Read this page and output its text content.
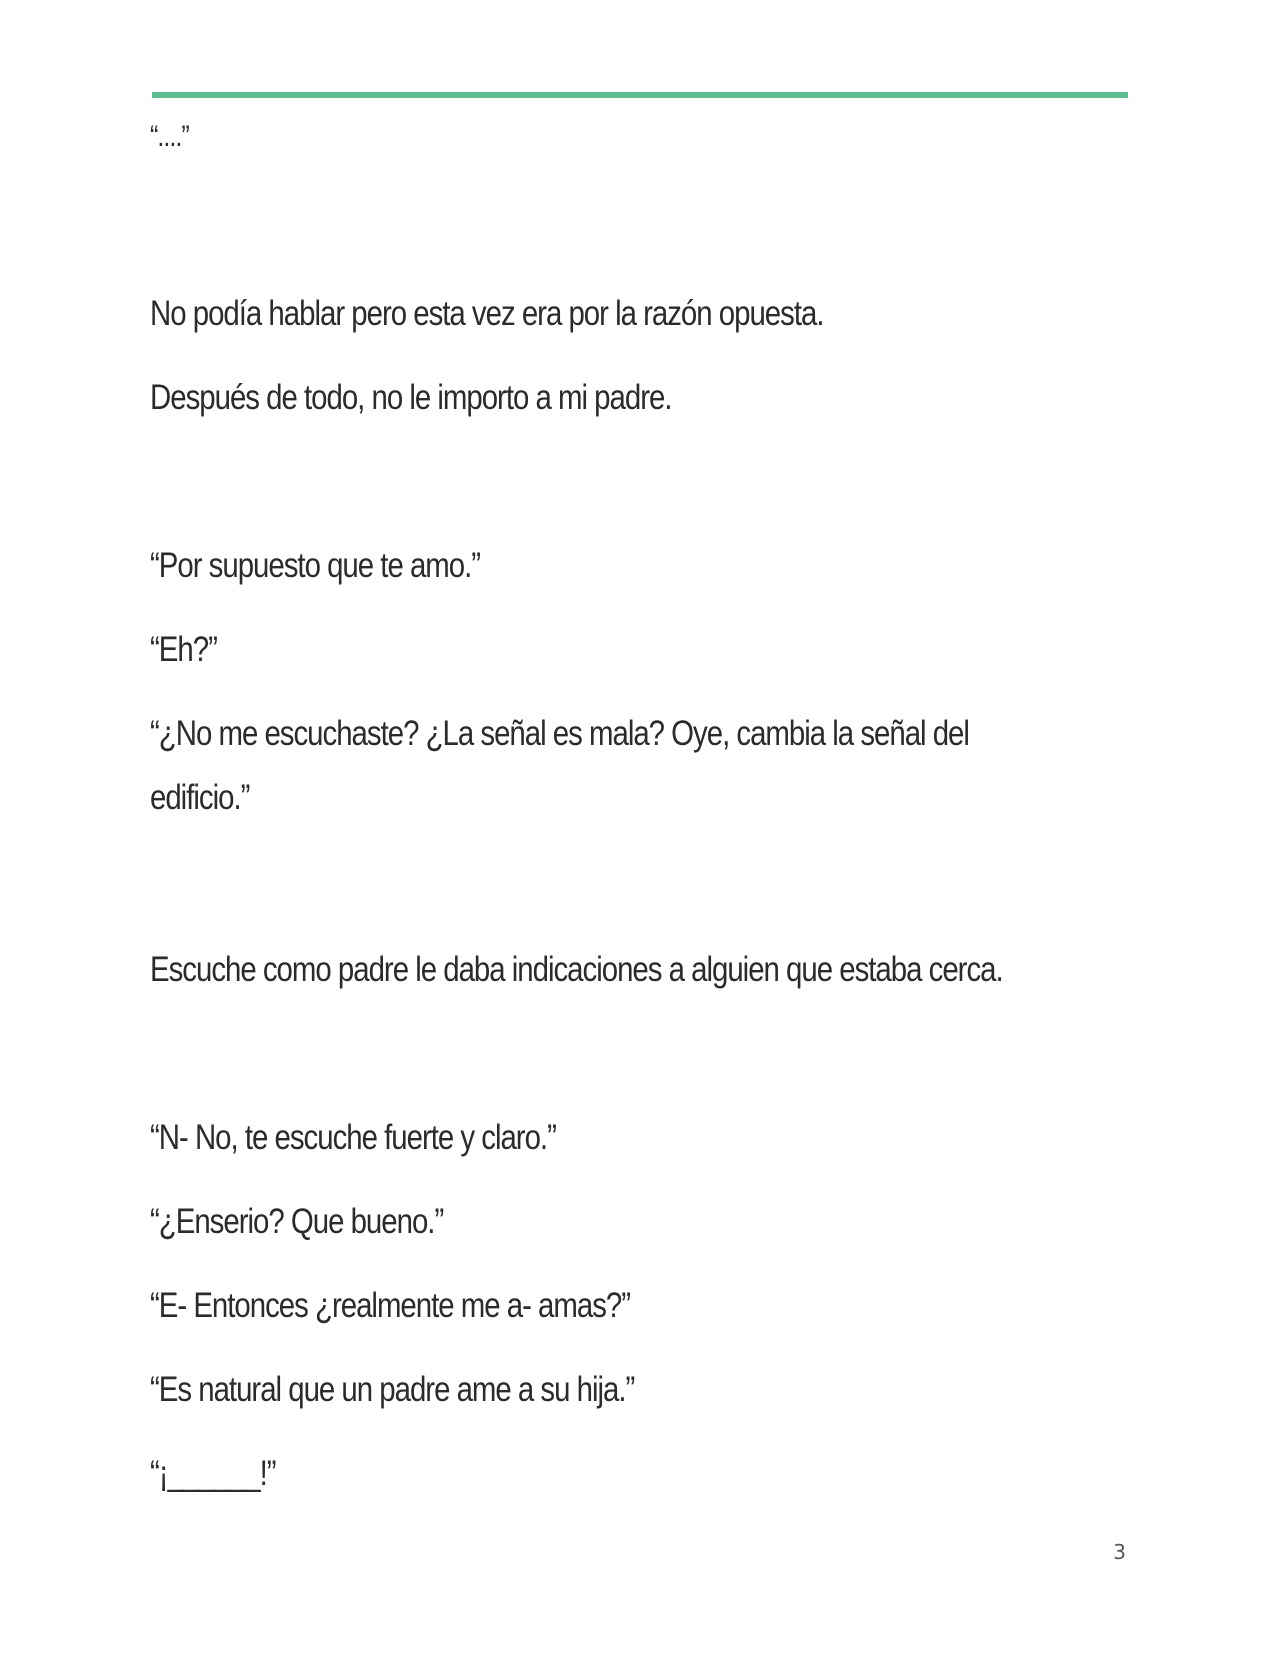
“....”

No podía hablar pero esta vez era por la razón opuesta.

Después de todo, no le importo a mi padre.

“Por supuesto que te amo.”

“Eh?”

“¿No me escuchaste? ¿La señal es mala? Oye, cambia la señal del

edificio.”

Escuche como padre le daba indicaciones a alguien que estaba cerca.

“N- No, te escuche fuerte y claro.”

“¿Enserio? Que bueno.”

“E- Entonces ¿realmente me a- amas?”

“Es natural que un padre ame a su hija.”

“¡______!”

3
